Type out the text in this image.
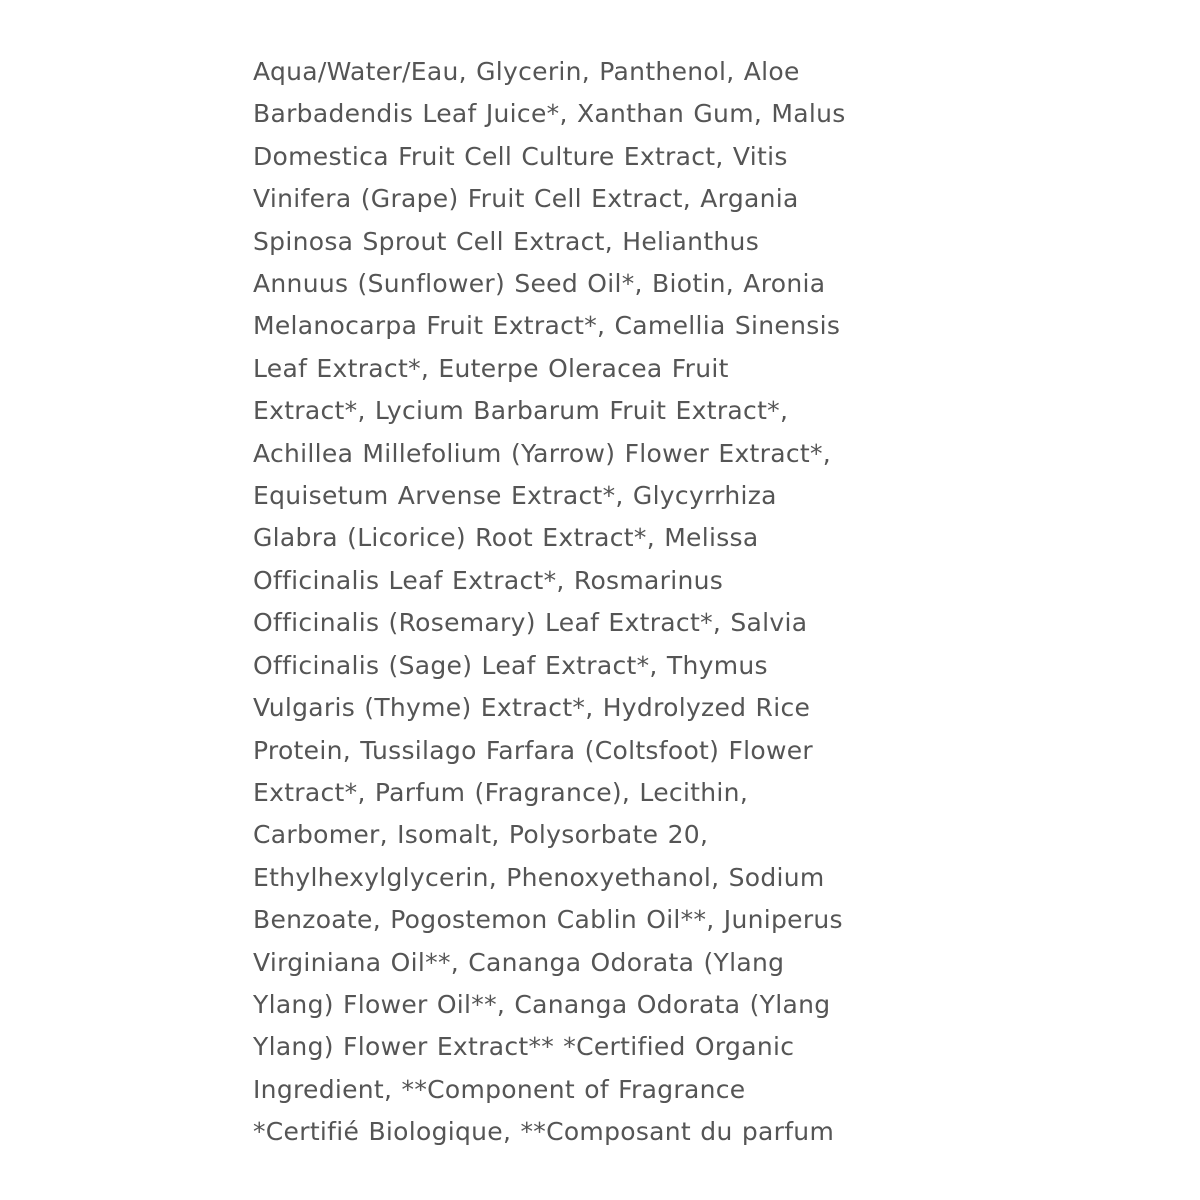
Aqua/Water/Eau, Glycerin, Panthenol, Aloe
Barbadendis Leaf Juice*, Xanthan Gum, Malus
Domestica Fruit Cell Culture Extract, Vitis
Vinifera (Grape) Fruit Cell Extract, Argania
Spinosa Sprout Cell Extract, Helianthus
Annuus (Sunflower) Seed Oil*, Biotin, Aronia
Melanocarpa Fruit Extract*, Camellia Sinensis
Leaf Extract*, Euterpe Oleracea Fruit
Extract*, Lycium Barbarum Fruit Extract*,
Achillea Millefolium (Yarrow) Flower Extract*,
Equisetum Arvense Extract*, Glycyrrhiza
Glabra (Licorice) Root Extract*, Melissa
Officinalis Leaf Extract*, Rosmarinus
Officinalis (Rosemary) Leaf Extract*, Salvia
Officinalis (Sage) Leaf Extract*, Thymus
Vulgaris (Thyme) Extract*, Hydrolyzed Rice
Protein, Tussilago Farfara (Coltsfoot) Flower
Extract*, Parfum (Fragrance), Lecithin,
Carbomer, Isomalt, Polysorbate 20,
Ethylhexylglycerin, Phenoxyethanol, Sodium
Benzoate, Pogostemon Cablin Oil**, Juniperus
Virginiana Oil**, Cananga Odorata (Ylang
Ylang) Flower Oil**, Cananga Odorata (Ylang
Ylang) Flower Extract** *Certified Organic
Ingredient, **Component of Fragrance
*Certifié Biologique, **Composant du parfum
